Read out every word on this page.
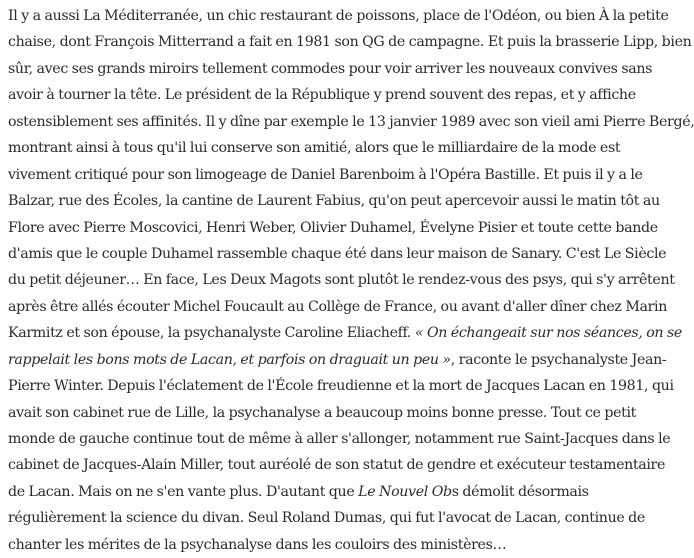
Il y a aussi La Méditerranée, un chic restaurant de poissons, place de l'Odéon, ou bien À la petite
chaise, dont François Mitterrand a fait en 1981 son QG de campagne. Et puis la brasserie Lipp, bien
sûr, avec ses grands miroirs tellement commodes pour voir arriver les nouveaux convives sans
avoir à tourner la tête. Le président de la République y prend souvent des repas, et y affiche
ostensiblement ses affinités. Il y dîne par exemple le 13 janvier 1989 avec son vieil ami Pierre Bergé,
montrant ainsi à tous qu'il lui conserve son amitié, alors que le milliardaire de la mode est
vivement critiqué pour son limogeage de Daniel Barenboim à l'Opéra Bastille. Et puis il y a le
Balzar, rue des Écoles, la cantine de Laurent Fabius, qu'on peut apercevoir aussi le matin tôt au
Flore avec Pierre Moscovici, Henri Weber, Olivier Duhamel, Évelyne Pisier et toute cette bande
d'amis que le couple Duhamel rassemble chaque été dans leur maison de Sanary. C'est Le Siècle
du petit déjeuner… En face, Les Deux Magots sont plutôt le rendez-vous des psys, qui s'y arrêtent
après être allés écouter Michel Foucault au Collège de France, ou avant d'aller dîner chez Marin
Karmitz et son épouse, la psychanalyste Caroline Eliacheff. « On échangeait sur nos séances, on se
rappelait les bons mots de Lacan, et parfois on draguait un peu », raconte le psychanalyste Jean-
Pierre Winter. Depuis l'éclatement de l'École freudienne et la mort de Jacques Lacan en 1981, qui
avait son cabinet rue de Lille, la psychanalyse a beaucoup moins bonne presse. Tout ce petit
monde de gauche continue tout de même à aller s'allonger, notamment rue Saint-Jacques dans le
cabinet de Jacques-Alain Miller, tout auréolé de son statut de gendre et exécuteur testamentaire
de Lacan. Mais on ne s'en vante plus. D'autant que Le Nouvel Obs démolit désormais
régulièrement la science du divan. Seul Roland Dumas, qui fut l'avocat de Lacan, continue de
chanter les mérites de la psychanalyse dans les couloirs des ministères…
